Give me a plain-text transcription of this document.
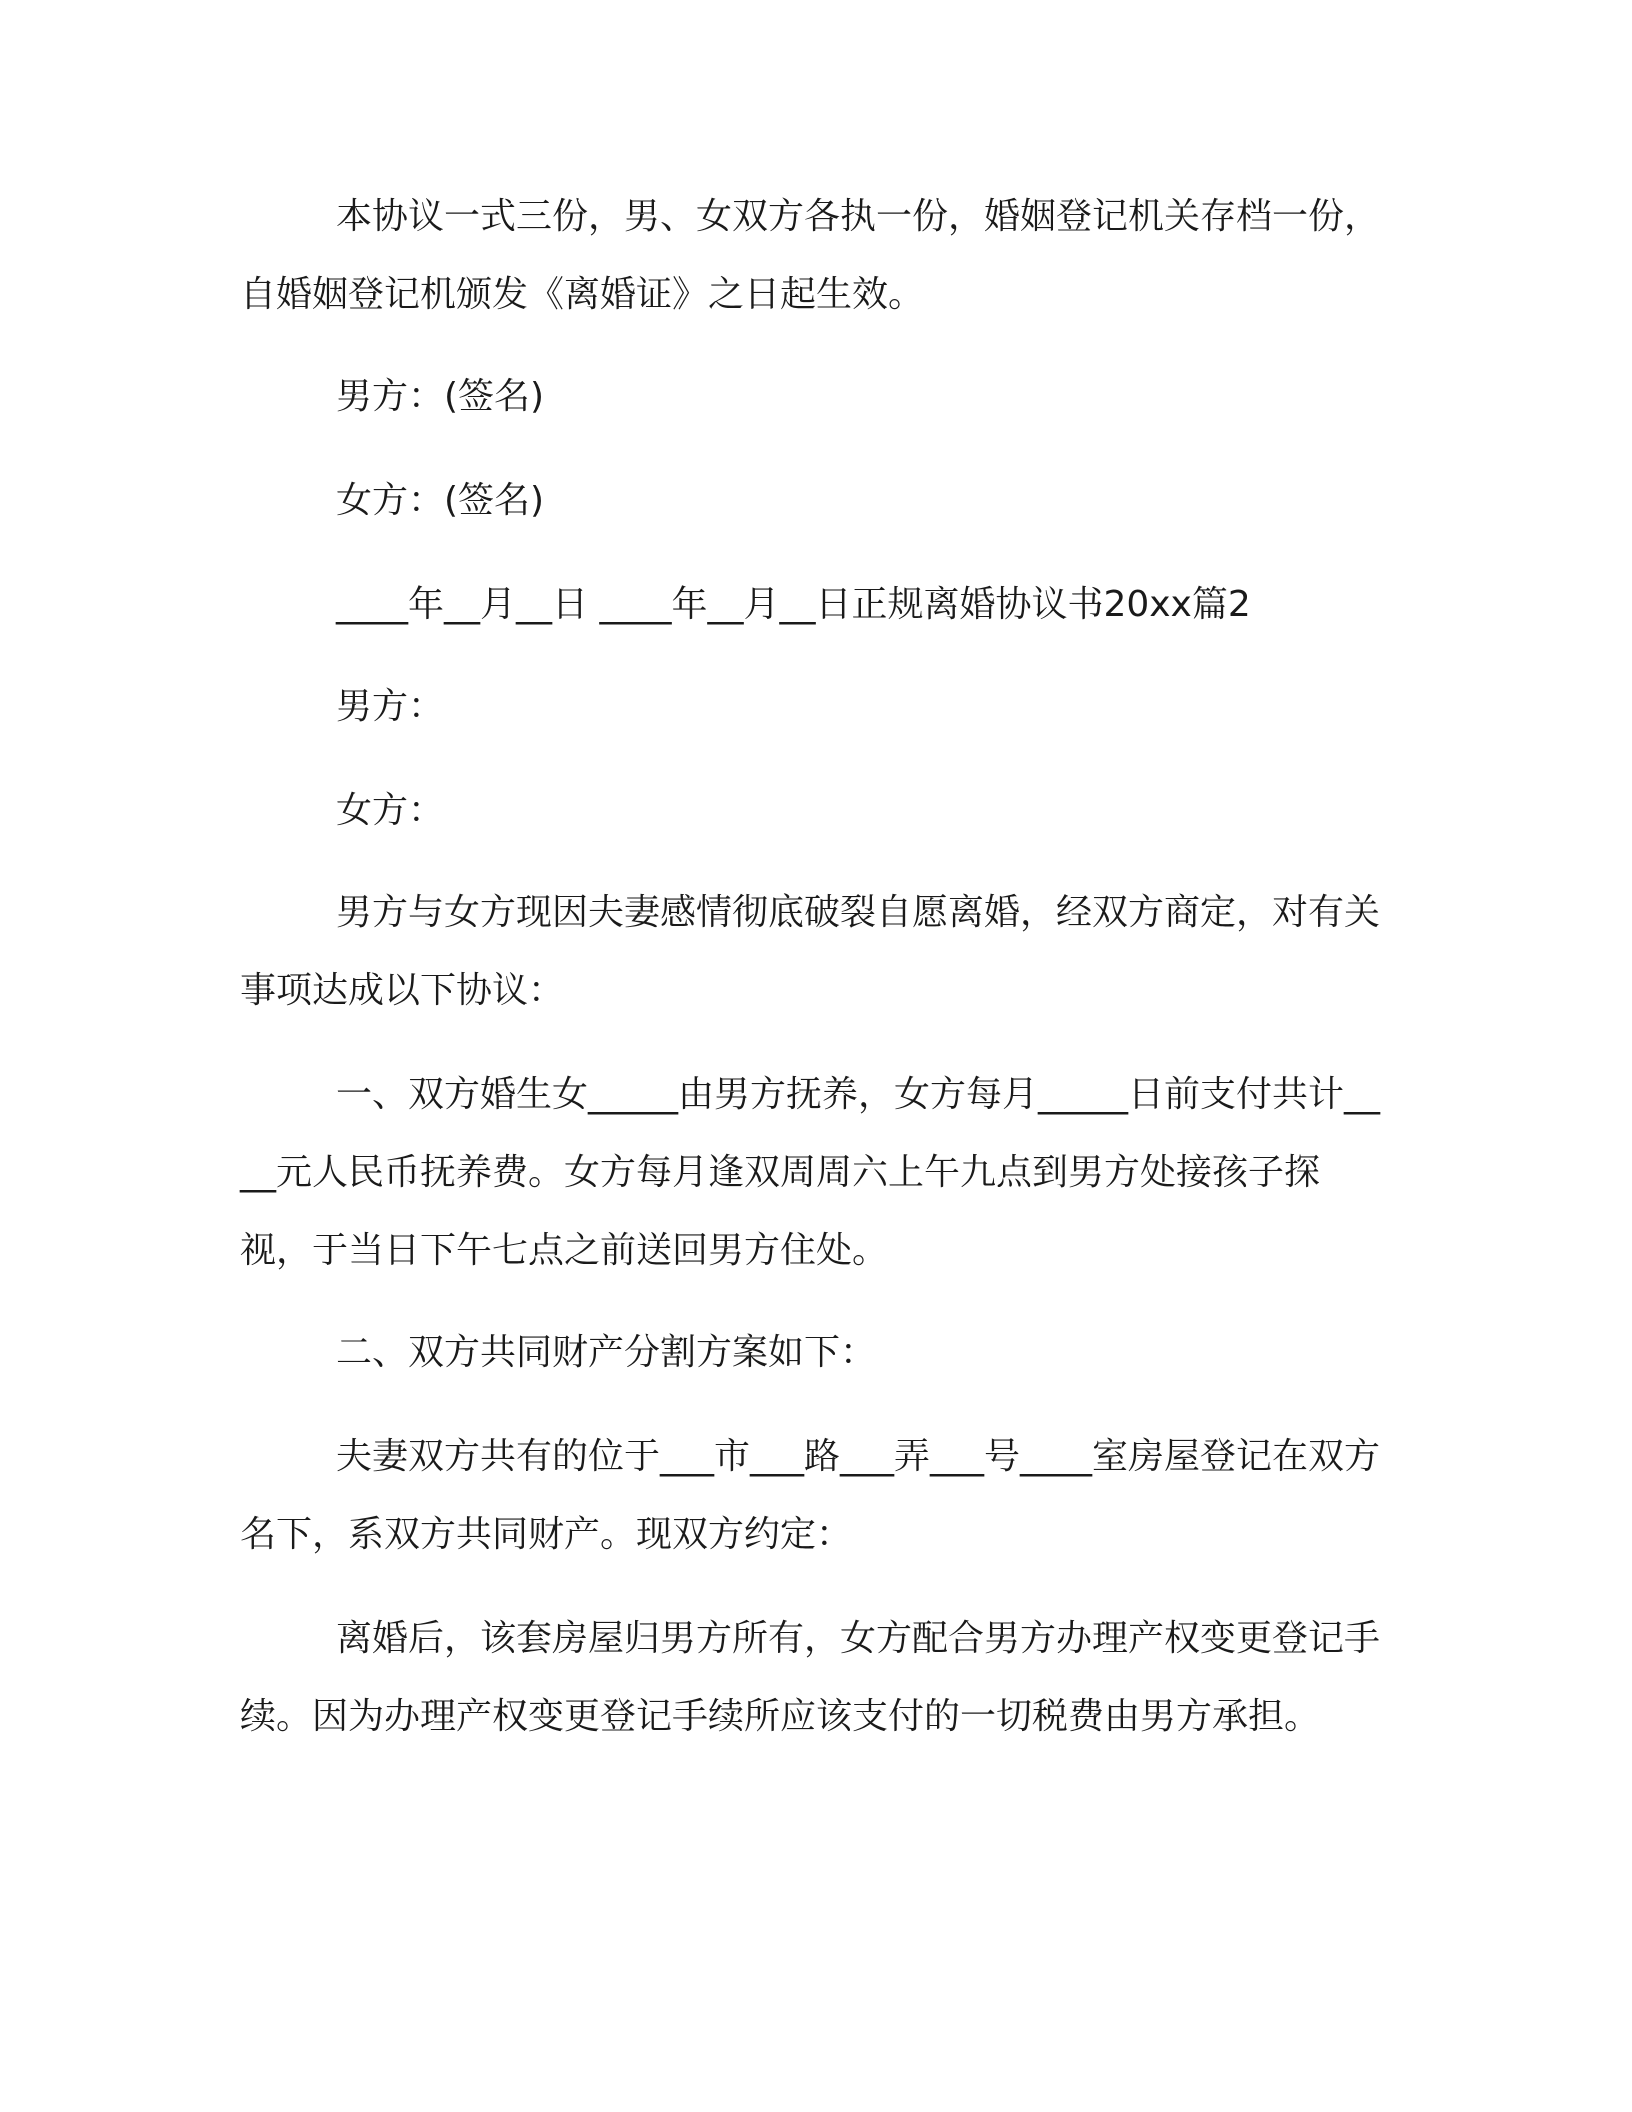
本协议一式三份，男、女双方各执一份，婚姻登记机关存档一份，自婚姻登记机颁发《离婚证》之日起生效。

男方：(签名)

女方：(签名)

____年__月__日 ____年__月__日正规离婚协议书20xx篇2

男方：

女方：

男方与女方现因夫妻感情彻底破裂自愿离婚，经双方商定，对有关事项达成以下协议：

一、双方婚生女_____由男方抚养，女方每月_____日前支付共计____元人民币抚养费。女方每月逢双周周六上午九点到男方处接孩子探视，于当日下午七点之前送回男方住处。

二、双方共同财产分割方案如下：

夫妻双方共有的位于___市___路___弄___号____室房屋登记在双方名下，系双方共同财产。现双方约定：

离婚后，该套房屋归男方所有，女方配合男方办理产权变更登记手续。因为办理产权变更登记手续所应该支付的一切税费由男方承担。
